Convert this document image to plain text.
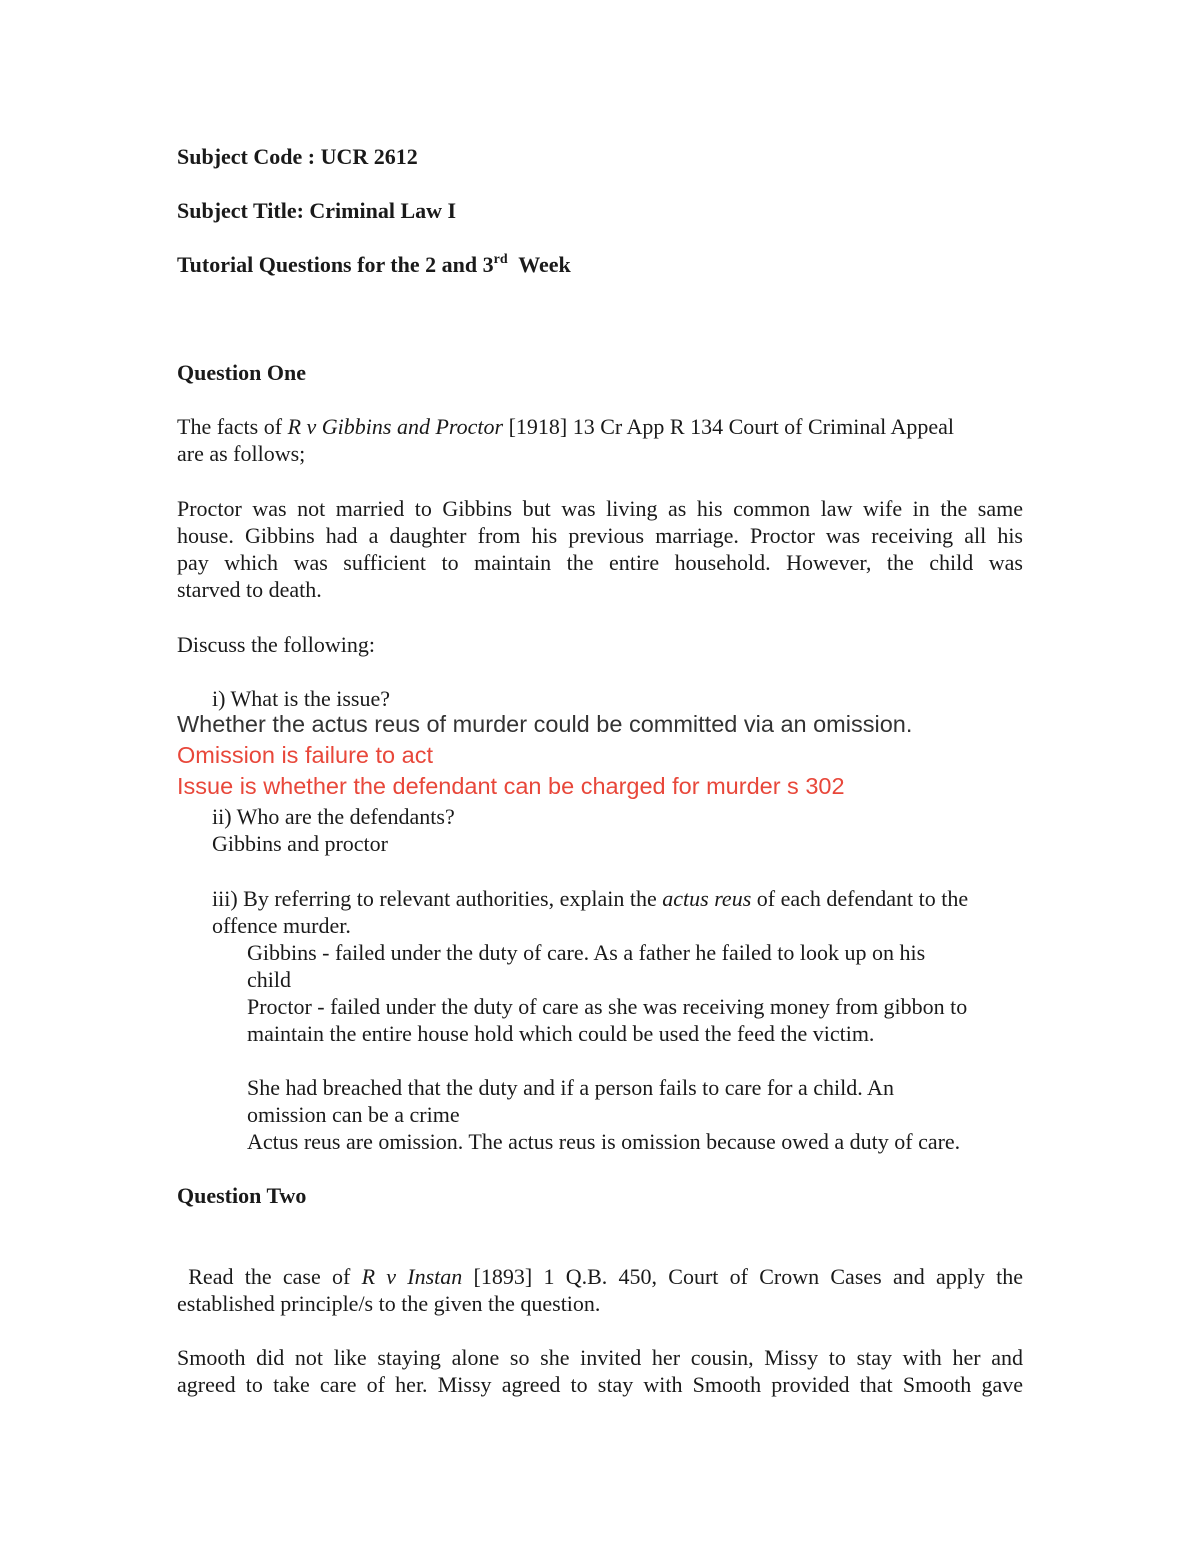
Subject Code : UCR 2612
Subject Title: Criminal Law I
Tutorial Questions for the 2 and 3rd  Week
Question One
The facts of R v Gibbins and Proctor [1918] 13 Cr App R 134 Court of Criminal Appeal
are as follows;
Proctor was not married to Gibbins but was living as his common law wife in the same
house. Gibbins had a daughter from his previous marriage. Proctor was receiving all his
pay which was sufficient to maintain the entire household. However, the child was
starved to death.
Discuss the following:
i) What is the issue?
Whether the actus reus of murder could be committed via an omission.
Omission is failure to act
Issue is whether the defendant can be charged for murder s 302
ii) Who are the defendants?
Gibbins and proctor
iii) By referring to relevant authorities, explain the actus reus of each defendant to the
offence murder.
Gibbins - failed under the duty of care. As a father he failed to look up on his
child
Proctor - failed under the duty of care as she was receiving money from gibbon to
maintain the entire house hold which could be used the feed the victim.
She had breached that the duty and if a person fails to care for a child. An
omission can be a crime
Actus reus are omission. The actus reus is omission because owed a duty of care.
Question Two
Read the case of R v Instan [1893] 1 Q.B. 450, Court of Crown Cases and apply the
established principle/s to the given the question.
Smooth did not like staying alone so she invited her cousin, Missy to stay with her and
agreed to take care of her. Missy agreed to stay with Smooth provided that Smooth gave
